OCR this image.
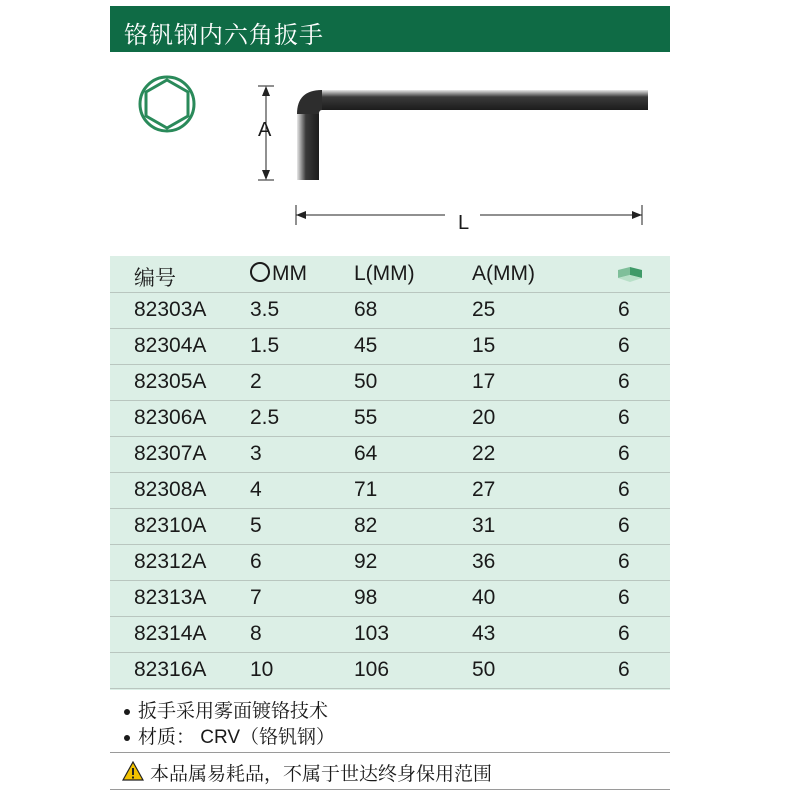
铬钒钢内六角扳手
A
L
编号	MM L(MM)	A(MM)
82303A 3.5	68	25	6
82304A 1.5	45	15	6
82305A 2	50	17	6
82306A 2.5	55	20	6
82307A 3	64	22	6
82308A 4	71	27	6
82310A 5	82	31	6
82312A 6	92	36	6
82313A 7	98	40	6
82314A 8	103	43	6
82316A 10	106	50	6
扳手采用雾面镀铬技术
材质： CRV（铬钒钢）
本品属易耗品，不属于世达终身保用范围
